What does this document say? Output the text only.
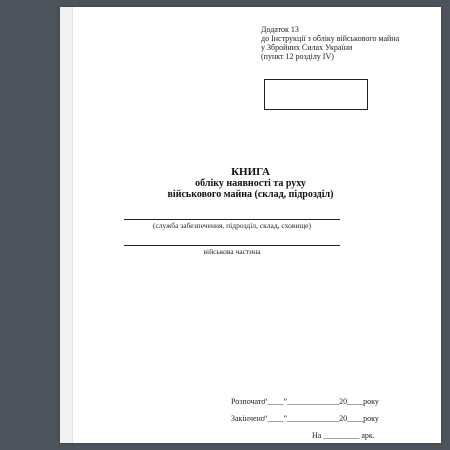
Додаток 13
до Інструкції з обліку військового майна
у Збройних Силах України
(пункт 12 розділу IV)
КНИГА
обліку наявності та руху
військового майна (склад, підрозділ)
(служба забезпечення, підрозділ, склад, сховище)
військова частина
Розпочато
“____”_____________20____року
Закінчено “____”_____________20____року
На _________ арк.
